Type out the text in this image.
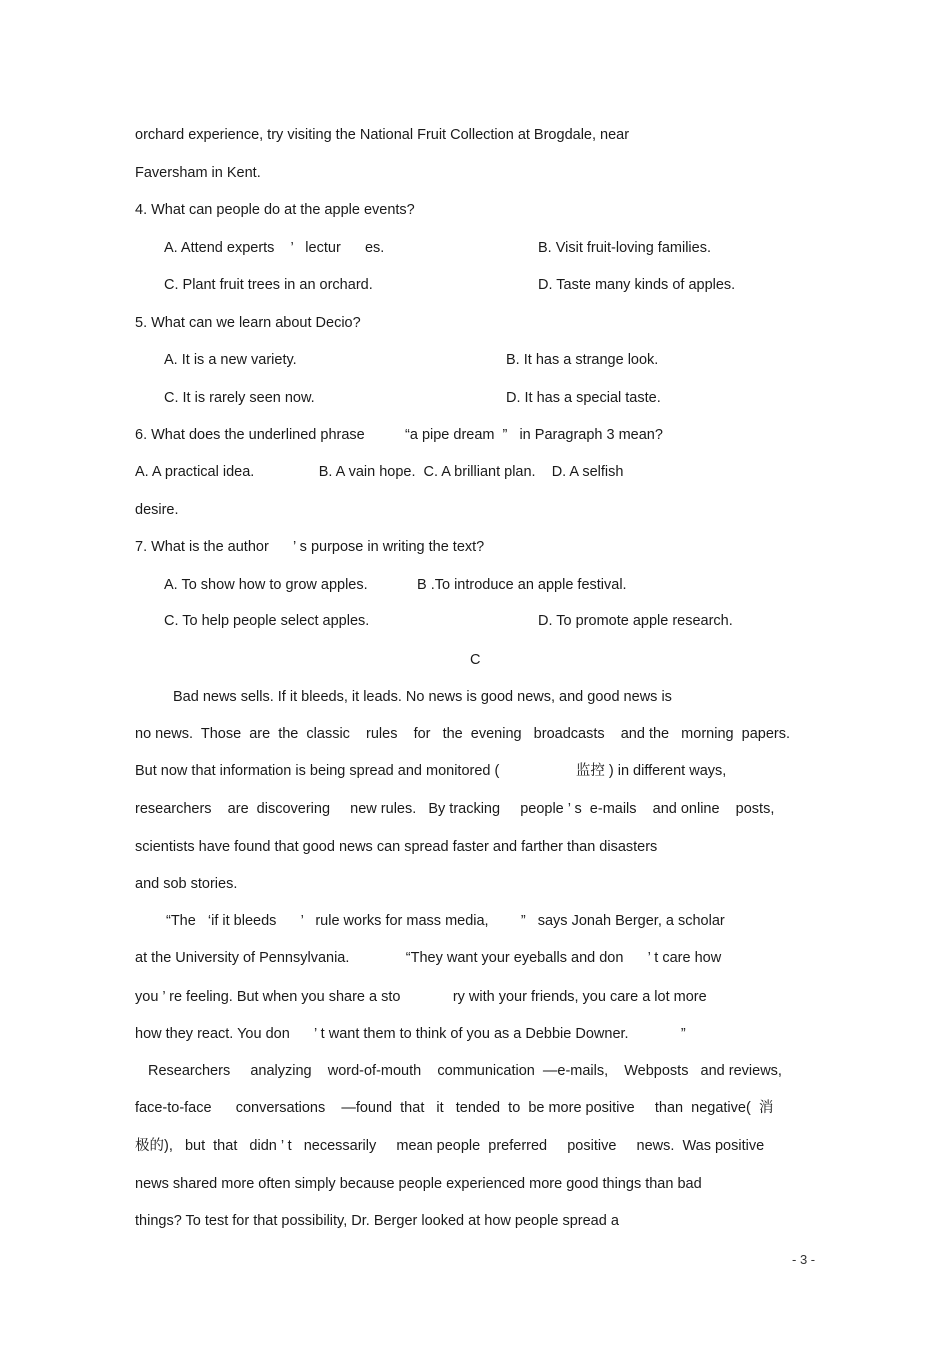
orchard experience, try visiting the National Fruit Collection at Brogdale, near

Faversham in Kent.

4. What can people do at the apple events?

A. Attend experts    ’   lectur      es.	B. Visit fruit-loving families.

C. Plant fruit trees in an orchard.	D. Taste many kinds of apples.

5. What can we learn about Decio?

A. It is a new variety.	B. It has a strange look.

C. It is rarely seen now.	D. It has a special taste.

6. What does the underlined phrase          “a pipe dream  ”   in Paragraph 3 mean?

A. A practical idea.                B. A vain hope.  C. A brilliant plan.    D. A selfish

desire.

7. What is the author      ’ s purpose in writing the text?

A. To show how to grow apples.	B .To introduce an apple festival.

C. To help people select apples.	D. To promote apple research.

C

Bad news sells. If it bleeds, it leads. No news is good news, and good news is

no news.  Those  are  the  classic    rules    for   the  evening   broadcasts    and the   morning  papers.

But now that information is being spread and monitored (                   监控 ) in different ways,

researchers    are  discovering     new rules.   By tracking     people ’ s  e-mails    and online    posts,

scientists have found that good news can spread faster and farther than disasters

and sob stories.

“The   ‘if it bleeds      ’   rule works for mass media,        ”   says Jonah Berger, a scholar

at the University of Pennsylvania.              “They want your eyeballs and don      ’ t care how

you ’ re feeling. But when you share a sto             ry with your friends, you care a lot more

how they react. You don      ’ t want them to think of you as a Debbie Downer.             ”

Researchers     analyzing    word-of-mouth    communication  —e-mails,    Webposts   and reviews,

face-to-face      conversations    —found  that   it   tended  to  be more positive     than  negative(  消

极的),   but  that   didn ’ t   necessarily     mean people  preferred     positive     news.  Was positive

news shared more often simply because people experienced more good things than bad

things? To test for that possibility, Dr. Berger looked at how people spread a

- 3 -
